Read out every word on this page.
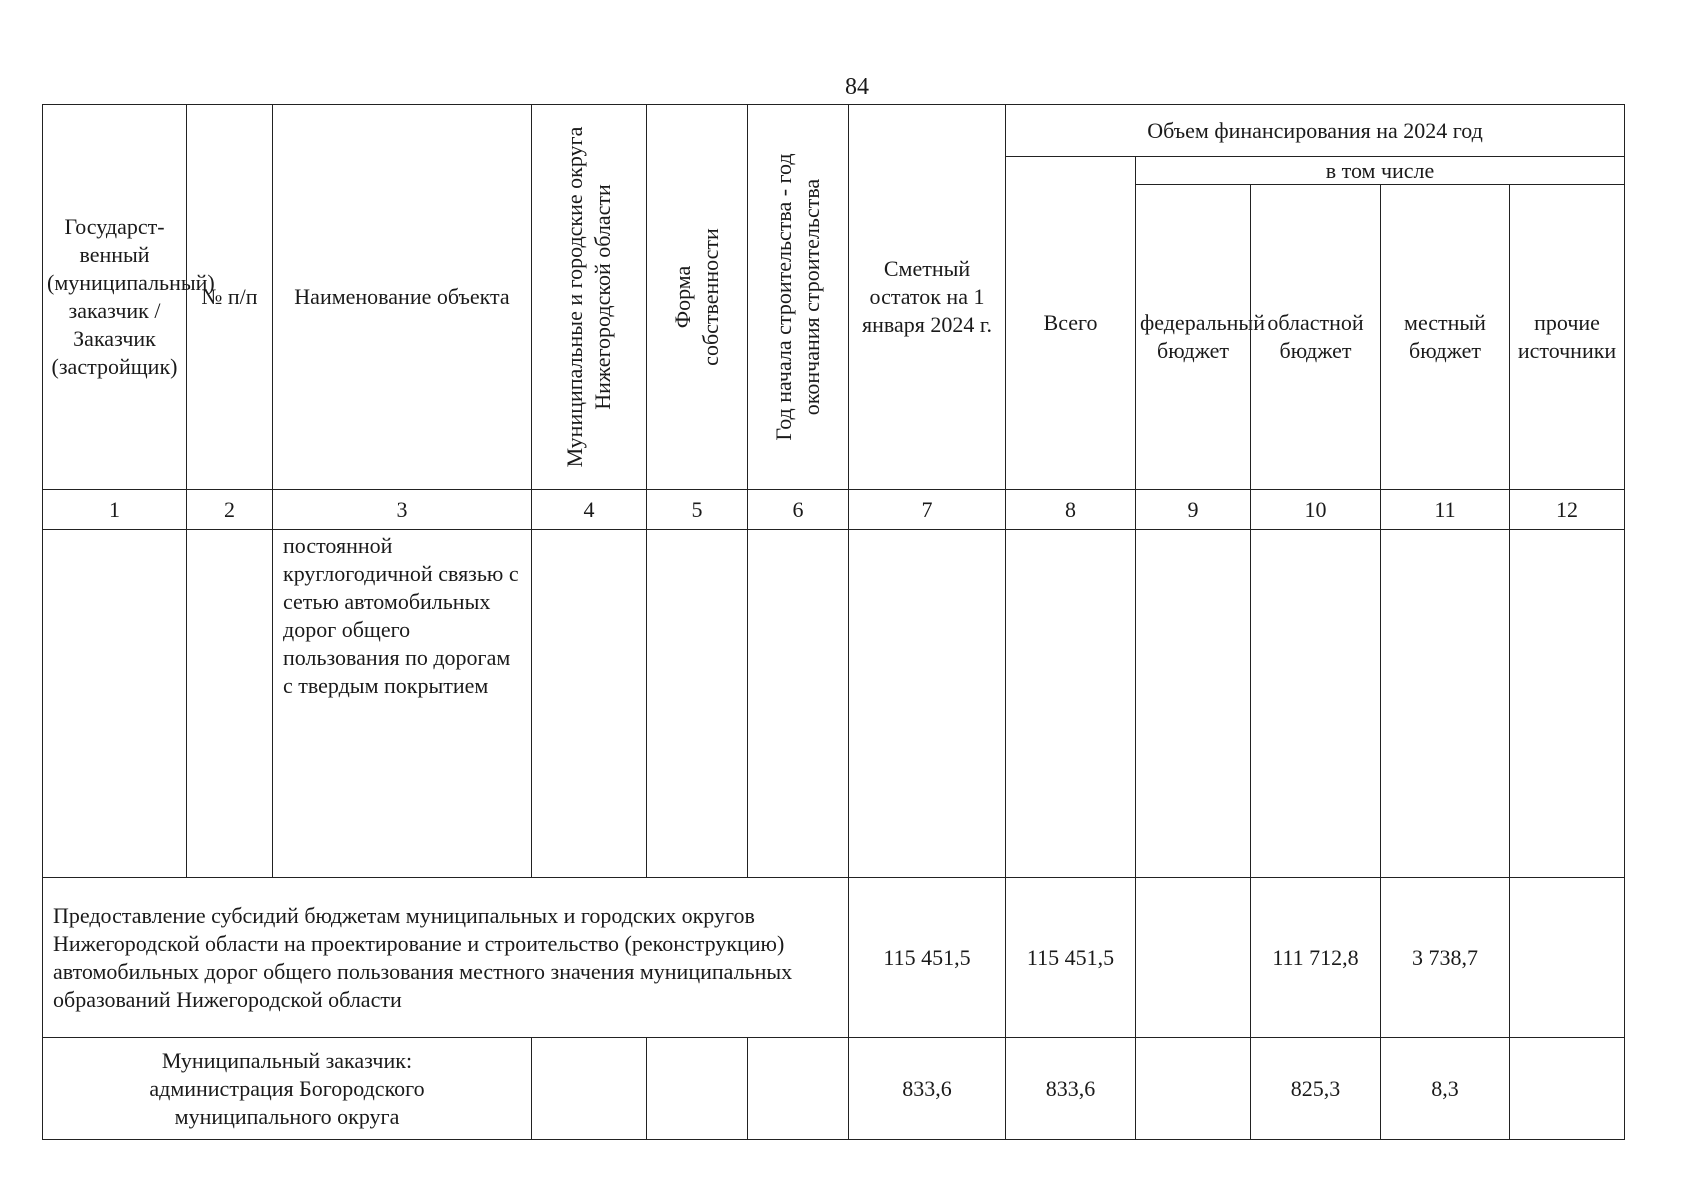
84
Государст-венный (муниципальный) заказчик / Заказчик (застройщик)	№ п/п	Наименование объекта	Муниципальные и городские округа Нижегородской области	Форма собственности	Год начала строительства - год окончания строительства	Сметный остаток на 1 января 2024 г.	Объем финансирования на 2024 год				
							Всего	в том числе			
								федеральный бюджет	областной бюджет	местный бюджет	прочие источники
1	2	3	4	5	6	7	8	9	10	11	12
		постоянной круглогодичной связью с сетью автомобильных дорог общего пользования по дорогам с твердым покрытием									
Предоставление субсидий бюджетам муниципальных и городских округов Нижегородской области на проектирование и строительство (реконструкцию) автомобильных дорог общего пользования местного значения муниципальных образований Нижегородской области						115 451,5	115 451,5		111 712,8	3 738,7	
Муниципальный заказчик: администрация Богородского муниципального округа						833,6	833,6		825,3	8,3	
